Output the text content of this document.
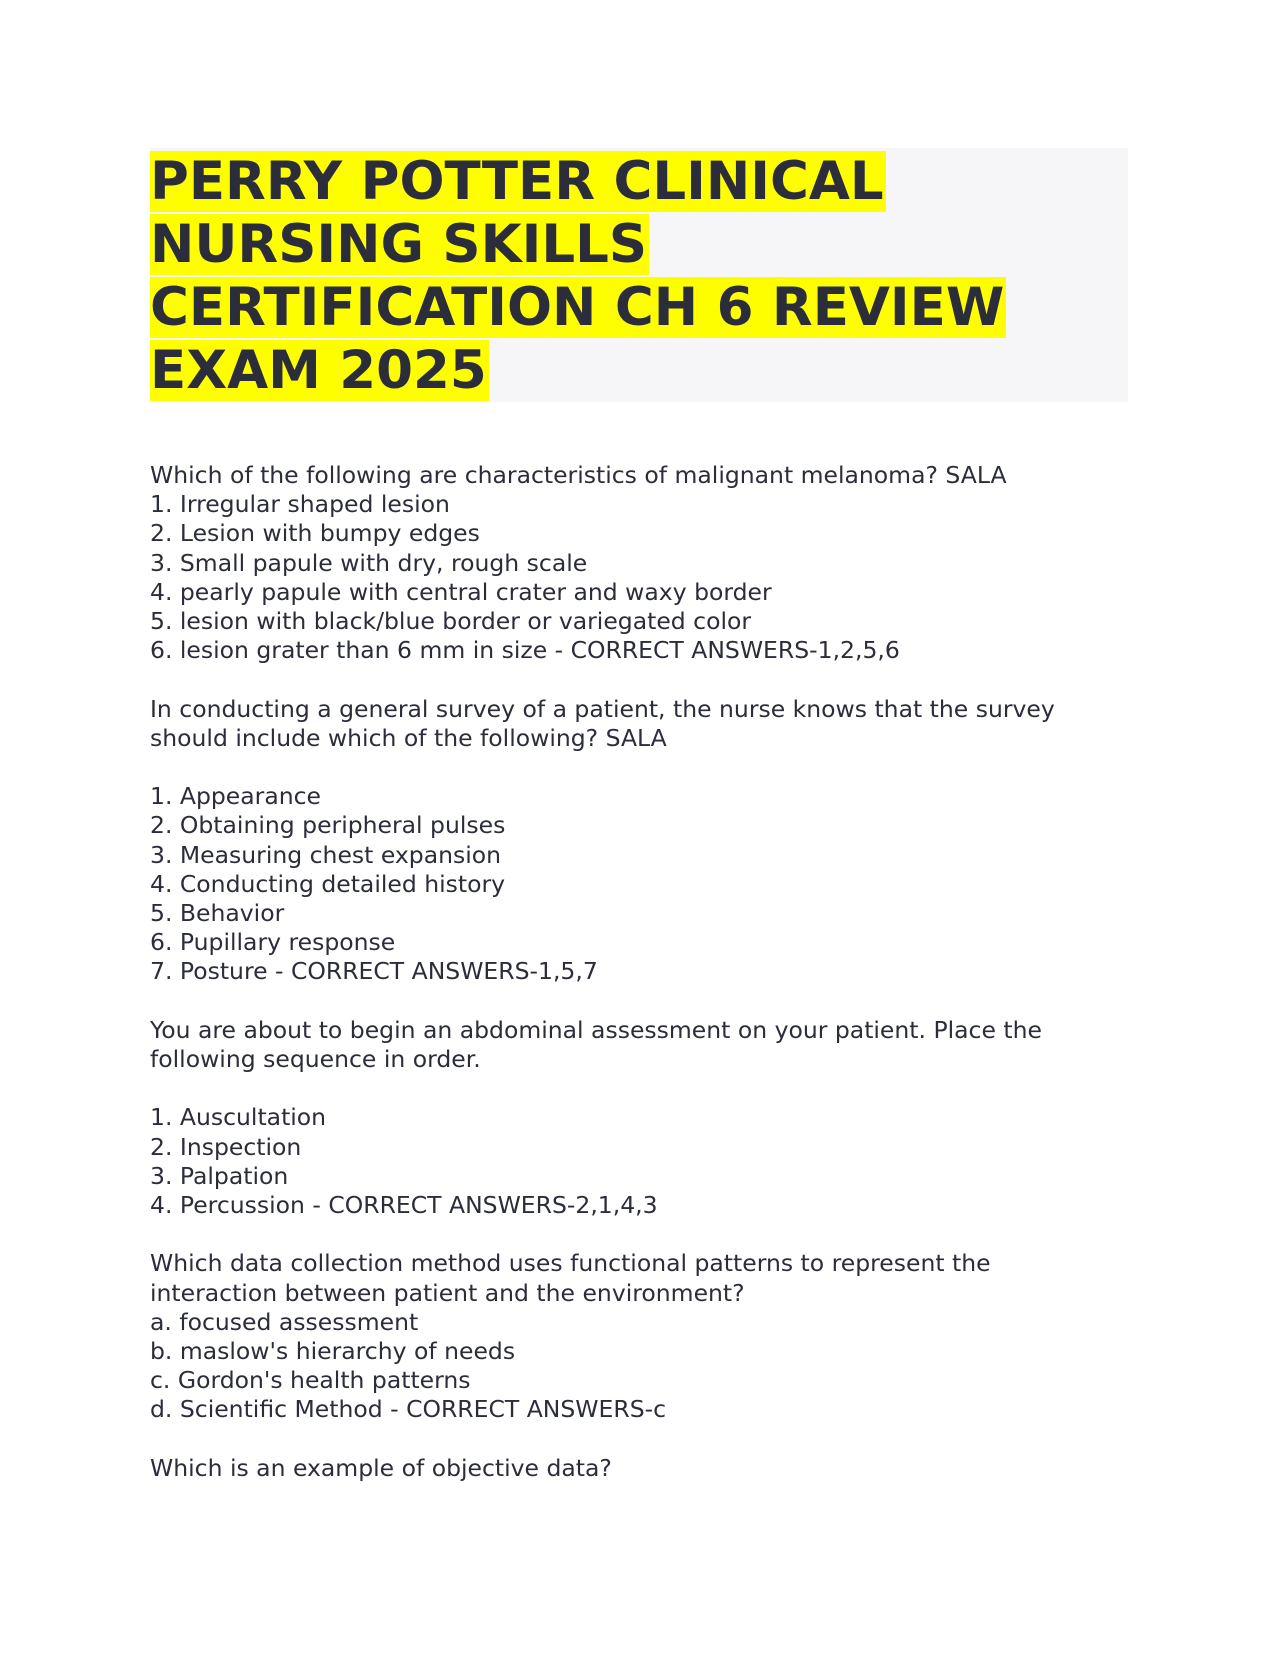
PERRY POTTER CLINICAL
NURSING SKILLS
CERTIFICATION CH 6 REVIEW
EXAM 2025
Which of the following are characteristics of malignant melanoma? SALA
1. Irregular shaped lesion
2. Lesion with bumpy edges
3. Small papule with dry, rough scale
4. pearly papule with central crater and waxy border
5. lesion with black/blue border or variegated color
6. lesion grater than 6 mm in size - CORRECT ANSWERS-1,2,5,6
In conducting a general survey of a patient, the nurse knows that the survey
should include which of the following? SALA
1. Appearance
2. Obtaining peripheral pulses
3. Measuring chest expansion
4. Conducting detailed history
5. Behavior
6. Pupillary response
7. Posture - CORRECT ANSWERS-1,5,7
You are about to begin an abdominal assessment on your patient. Place the
following sequence in order.
1. Auscultation
2. Inspection
3. Palpation
4. Percussion - CORRECT ANSWERS-2,1,4,3
Which data collection method uses functional patterns to represent the
interaction between patient and the environment?
a. focused assessment
b. maslow's hierarchy of needs
c. Gordon's health patterns
d. Scientific Method - CORRECT ANSWERS-c
Which is an example of objective data?
